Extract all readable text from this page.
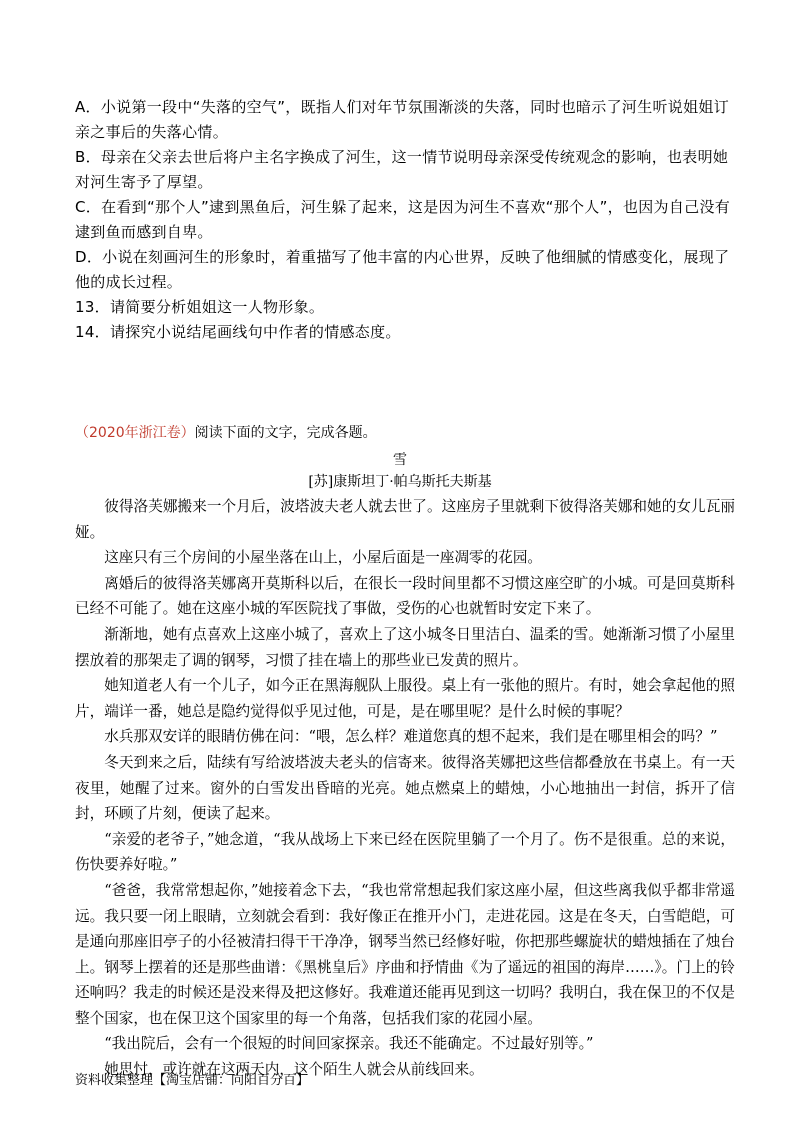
A．小说第一段中“失落的空气”，既指人们对年节氛围渐淡的失落，同时也暗示了河生听说姐姐订亲之事后的失落心情。

B．母亲在父亲去世后将户主名字换成了河生，这一情节说明母亲深受传统观念的影响，也表明她对河生寄予了厚望。

C．在看到“那个人”逮到黑鱼后，河生躲了起来，这是因为河生不喜欢“那个人”，也因为自己没有逮到鱼而感到自卑。

D．小说在刻画河生的形象时，着重描写了他丰富的内心世界，反映了他细腻的情感变化，展现了他的成长过程。

13．请简要分析姐姐这一人物形象。

14．请探究小说结尾画线句中作者的情感态度。

（2020年浙江卷）阅读下面的文字，完成各题。
雪
[苏]康斯坦丁·帕乌斯托夫斯基

彼得洛芙娜搬来一个月后，波塔波夫老人就去世了。这座房子里就剩下彼得洛芙娜和她的女儿瓦丽娅。

这座只有三个房间的小屋坐落在山上，小屋后面是一座凋零的花园。

离婚后的彼得洛芙娜离开莫斯科以后，在很长一段时间里都不习惯这座空旷的小城。可是回莫斯科已经不可能了。她在这座小城的军医院找了事做，受伤的心也就暂时安定下来了。

渐渐地，她有点喜欢上这座小城了，喜欢上了这小城冬日里洁白、温柔的雪。她渐渐习惯了小屋里摆放着的那架走了调的钢琴，习惯了挂在墙上的那些业已发黄的照片。

她知道老人有一个儿子，如今正在黑海舰队上服役。桌上有一张他的照片。有时，她会拿起他的照片，端详一番，她总是隐约觉得似乎见过他，可是，是在哪里呢？是什么时候的事呢？

水兵那双安详的眼睛仿佛在问：“喂，怎么样？难道您真的想不起来，我们是在哪里相会的吗？”

冬天到来之后，陆续有写给波塔波夫老头的信寄来。彼得洛芙娜把这些信都叠放在书桌上。有一天夜里，她醒了过来。窗外的白雪发出昏暗的光亮。她点燃桌上的蜡烛，小心地抽出一封信，拆开了信封，环顾了片刻，便读了起来。

“亲爱的老爷子，”她念道，“我从战场上下来已经在医院里躺了一个月了。伤不是很重。总的来说，伤快要养好啦。”

“爸爸，我常常想起你，”她接着念下去，“我也常常想起我们家这座小屋，但这些离我似乎都非常遥远。我只要一闭上眼睛，立刻就会看到：我好像正在推开小门，走进花园。这是在冬天，白雪皑皑，可是通向那座旧亭子的小径被清扫得干干净净，钢琴当然已经修好啦，你把那些螺旋状的蜡烛插在了烛台上。钢琴上摆着的还是那些曲谱：《黑桃皇后》序曲和抒情曲《为了遥远的祖国的海岸……》。门上的铃还响吗？我走的时候还是没来得及把这修好。我难道还能再见到这一切吗？我明白，我在保卫的不仅是整个国家，也在保卫这个国家里的每一个角落，包括我们家的花园小屋。

“我出院后，会有一个很短的时间回家探亲。我还不能确定。不过最好别等。”

她思忖，或许就在这两天内，这个陌生人就会从前线回来。

资料收集整理【淘宝店铺：向阳百分百】
